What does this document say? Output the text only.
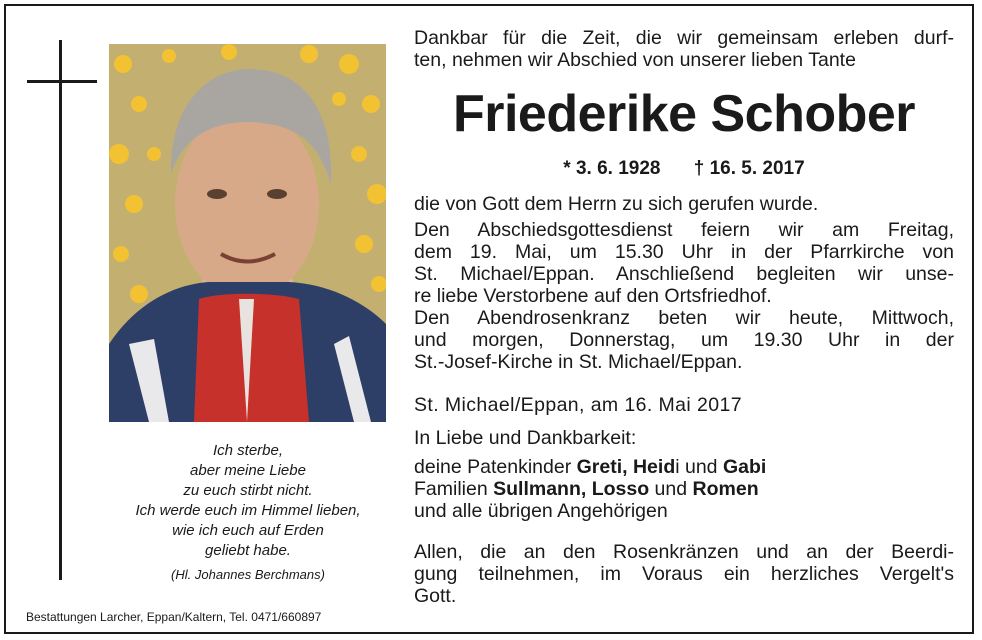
Ich sterbe,
aber meine Liebe
zu euch stirbt nicht.
Ich werde euch im Himmel lieben,
wie ich euch auf Erden
geliebt habe.
(Hl. Johannes Berchmans)
Bestattungen Larcher, Eppan/Kaltern, Tel. 0471/660897
Dankbar für die Zeit, die wir gemeinsam erleben durf-
ten, nehmen wir Abschied von unserer lieben Tante
Friederike Schober
* 3. 6. 1928 † 16. 5. 2017
die von Gott dem Herrn zu sich gerufen wurde.
Den Abschiedsgottesdienst feiern wir am Freitag,
dem 19. Mai, um 15.30 Uhr in der Pfarrkirche von
St. Michael/Eppan. Anschließend begleiten wir unse-
re liebe Verstorbene auf den Ortsfriedhof.
Den Abendrosenkranz beten wir heute, Mittwoch,
und morgen, Donnerstag, um 19.30 Uhr in der
St.-Josef-Kirche in St. Michael/Eppan.
St. Michael/Eppan, am 16. Mai 2017
In Liebe und Dankbarkeit:
deine Patenkinder Greti, Heidi und Gabi
Familien Sullmann, Losso und Romen
und alle übrigen Angehörigen
Allen, die an den Rosenkränzen und an der Beerdi-
gung teilnehmen, im Voraus ein herzliches Vergelt's
Gott.
